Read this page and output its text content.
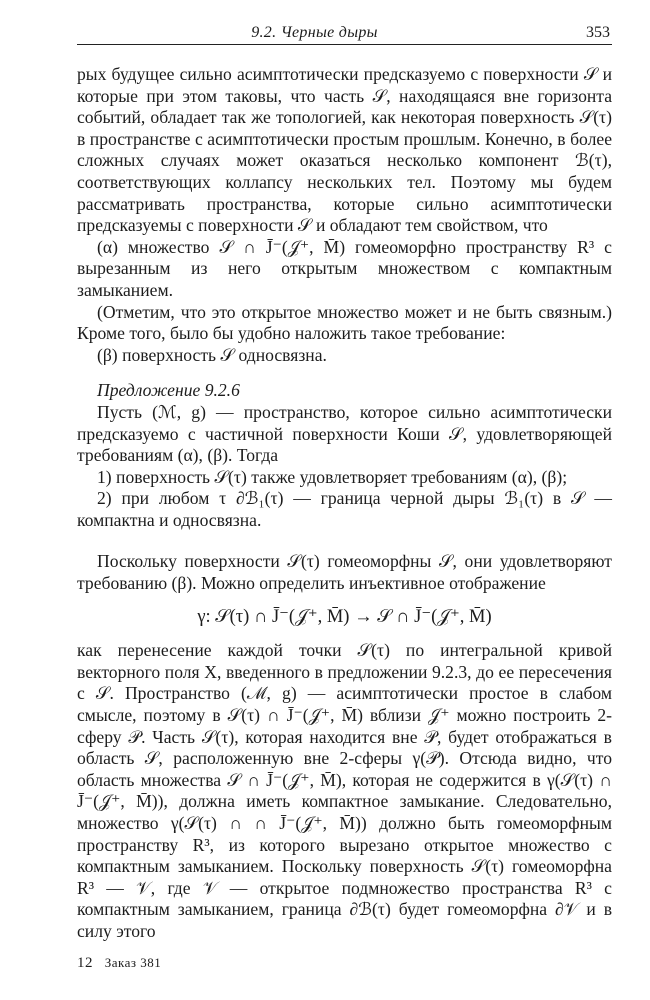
9.2. Черные дыры	353

рых будущее сильно асимптотически предсказуемо с поверхности 𝒮 и которые при этом таковы, что часть 𝒮, находящаяся вне горизонта событий, обладает так же топологией, как некоторая поверхность 𝒮(τ) в пространстве с асимптотически простым прошлым. Конечно, в более сложных случаях может оказаться несколько компонент ℬ(τ), соответствующих коллапсу нескольких тел. Поэтому мы будем рассматривать пространства, которые сильно асимптотически предсказуемы с поверхности 𝒮 и обладают тем свойством, что

(α) множество 𝒮 ∩ J̄⁻(𝒥⁺, M̄) гомеоморфно пространству R³ с вырезанным из него открытым множеством с компактным замыканием.

(Отметим, что это открытое множество может и не быть связным.) Кроме того, было бы удобно наложить такое требование:

(β) поверхность 𝒮 односвязна.

Предложение 9.2.6

Пусть (ℳ, g) — пространство, которое сильно асимптотически предсказуемо с частичной поверхности Коши 𝒮, удовлетворяющей требованиям (α), (β). Тогда

1) поверхность 𝒮(τ) также удовлетворяет требованиям (α), (β);

2) при любом τ ∂ℬ₁(τ) — граница черной дыры ℬ₁(τ) в 𝒮 — компактна и односвязна.

Поскольку поверхности 𝒮(τ) гомеоморфны 𝒮, они удовлетворяют требованию (β). Можно определить инъективное отображение

γ: 𝒮(τ) ∩ J̄⁻(𝒥⁺, M̄) → 𝒮 ∩ J̄⁻(𝒥⁺, M̄)

как перенесение каждой точки 𝒮(τ) по интегральной кривой векторного поля X, введенного в предложении 9.2.3, до ее пересечения с 𝒮. Пространство (ℳ, g) — асимптотически простое в слабом смысле, поэтому в 𝒮(τ) ∩ J̄⁻(𝒥⁺, M̄) вблизи 𝒥⁺ можно построить 2-сферу 𝒫. Часть 𝒮(τ), которая находится вне 𝒫, будет отображаться в область 𝒮, расположенную вне 2-сферы γ(𝒫). Отсюда видно, что область множества 𝒮 ∩ J̄⁻(𝒥⁺, M̄), которая не содержится в γ(𝒮(τ) ∩ J̄⁻(𝒥⁺, M̄)), должна иметь компактное замыкание. Следовательно, множество γ(𝒮(τ) ∩ ∩ J̄⁻(𝒥⁺, M̄)) должно быть гомеоморфным пространству R³, из которого вырезано открытое множество с компактным замыканием. Поскольку поверхность 𝒮(τ) гомеоморфна R³ — 𝒱, где 𝒱 — открытое подмножество пространства R³ с компактным замыканием, граница ∂ℬ(τ) будет гомеоморфна ∂𝒱 и в силу этого

12 Заказ 381
